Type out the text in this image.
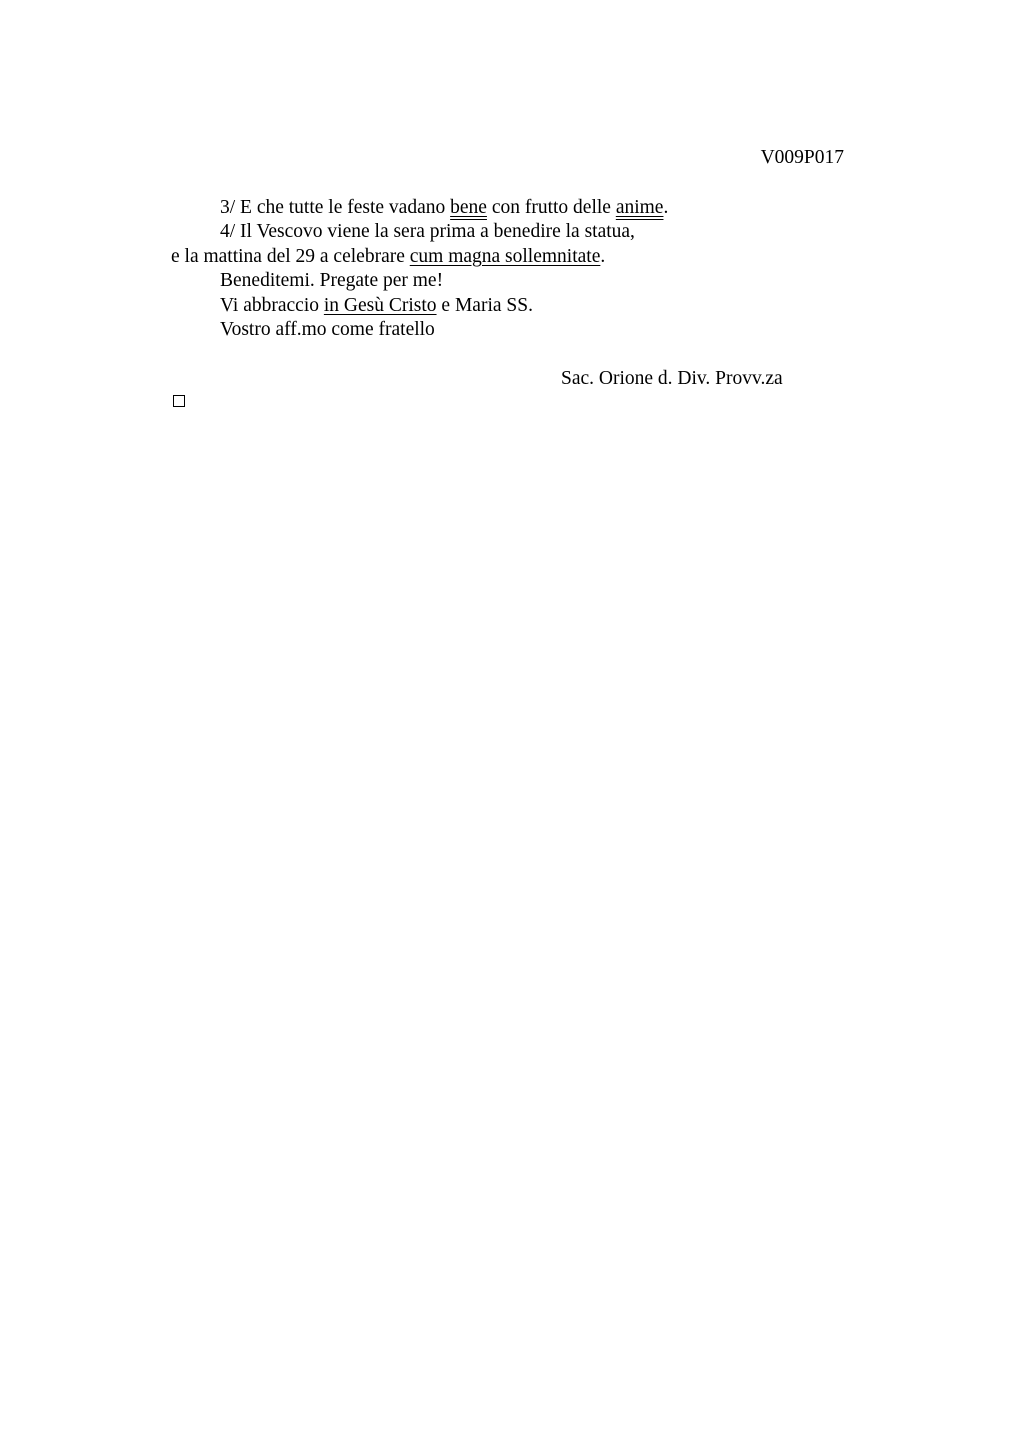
V009P017
3/ E che tutte le feste vadano bene con frutto delle anime.
4/ Il Vescovo viene la sera prima a benedire la statua,
e la mattina del 29 a celebrare cum magna sollemnitate.
Beneditemi. Pregate per me!
Vi abbraccio in Gesù Cristo e Maria SS.
Vostro aff.mo come fratello
Sac. Orione d. Div. Provv.za
